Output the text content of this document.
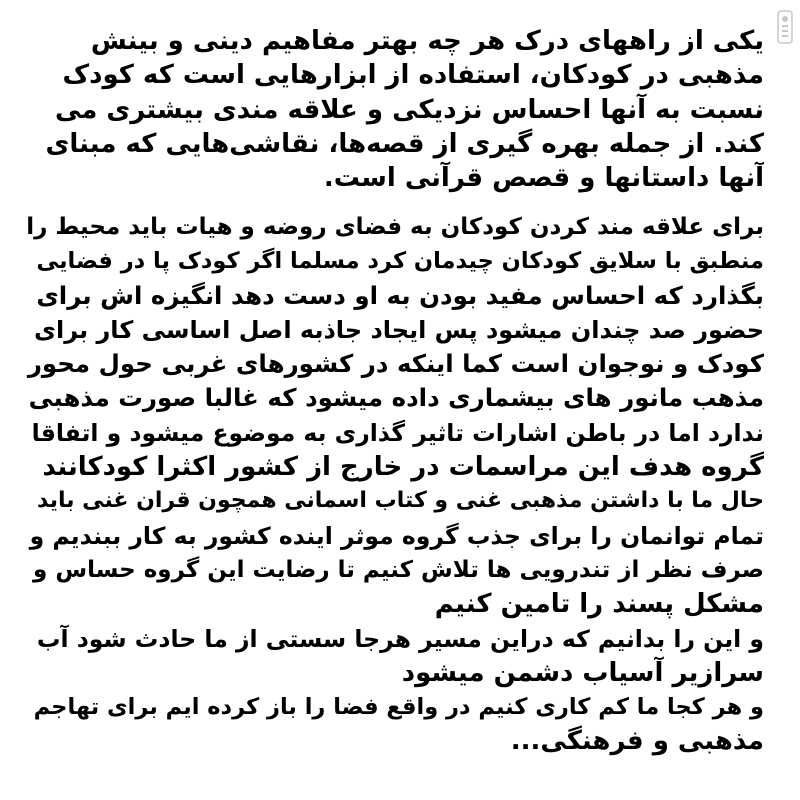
یکی از راههای درک هر چه بهتر مفاهیم دینی و بینش
مذهبی در کودکان، استفاده از ابزارهایی است که کودک
نسبت به آنها احساس نزدیکی و علاقه مندی بیشتری می
کند. از جمله بهره گیری از قصه‌ها، نقاشی‌هایی که مبنای
آنها داستانها و قصص قرآنی است.
برای علاقه مند کردن کودکان به فضای روضه و هیات باید محیط را
منطبق با سلایق کودکان چیدمان کرد مسلما اگر کودک پا در فضایی
بگذارد که احساس مفید بودن به او دست دهد انگیزه اش برای
حضور صد چندان میشود پس ایجاد جاذبه اصل اساسی کار برای
کودک و نوجوان است کما اینکه در کشورهای غربی حول محور
مذهب مانور های بیشماری داده میشود که غالبا صورت مذهبی
ندارد اما در باطن اشارات تاثیر گذاری به موضوع میشود و اتفاقا
گروه هدف این مراسمات در خارج از کشور اکثرا کودکانند
حال ما با داشتن مذهبی غنی و کتاب اسمانی همچون قران غنی باید
تمام توانمان را برای جذب گروه موثر اینده کشور به کار ببندیم و
صرف نظر از تندرویی ها تلاش کنیم تا رضایت این گروه حساس و
مشکل پسند را تامین کنیم
و این را بدانیم که دراین مسیر هرجا سستی از ما حادث شود آب
سرازیر آسیاب دشمن میشود
و هر کجا ما کم کاری کنیم در واقع فضا را باز کرده ایم برای تهاجم
مذهبی و فرهنگی...
